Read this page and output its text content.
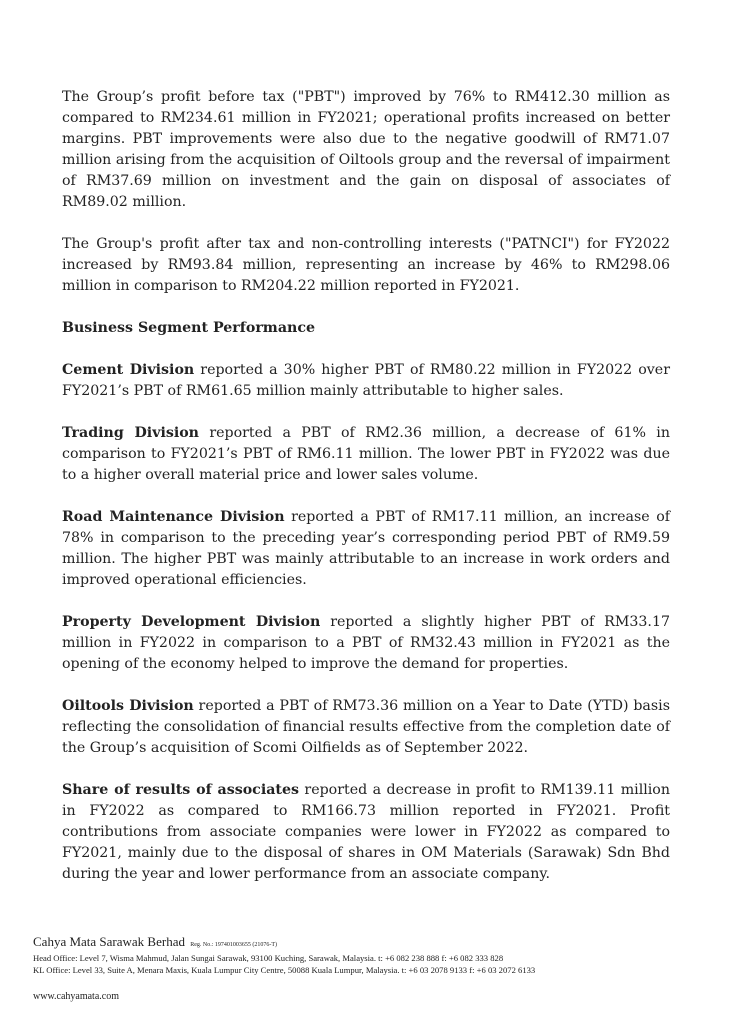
The Group’s profit before tax ("PBT") improved by 76% to RM412.30 million as compared to RM234.61 million in FY2021; operational profits increased on better margins. PBT improvements were also due to the negative goodwill of RM71.07 million arising from the acquisition of Oiltools group and the reversal of impairment of RM37.69 million on investment and the gain on disposal of associates of RM89.02 million.

The Group's profit after tax and non-controlling interests ("PATNCI") for FY2022 increased by RM93.84 million, representing an increase by 46% to RM298.06 million in comparison to RM204.22 million reported in FY2021.

Business Segment Performance

Cement Division reported a 30% higher PBT of RM80.22 million in FY2022 over FY2021’s PBT of RM61.65 million mainly attributable to higher sales.

Trading Division reported a PBT of RM2.36 million, a decrease of 61% in comparison to FY2021’s PBT of RM6.11 million. The lower PBT in FY2022 was due to a higher overall material price and lower sales volume.

Road Maintenance Division reported a PBT of RM17.11 million, an increase of 78% in comparison to the preceding year’s corresponding period PBT of RM9.59 million. The higher PBT was mainly attributable to an increase in work orders and improved operational efficiencies.

Property Development Division reported a slightly higher PBT of RM33.17 million in FY2022 in comparison to a PBT of RM32.43 million in FY2021 as the opening of the economy helped to improve the demand for properties.

Oiltools Division reported a PBT of RM73.36 million on a Year to Date (YTD) basis reflecting the consolidation of financial results effective from the completion date of the Group’s acquisition of Scomi Oilfields as of September 2022.

Share of results of associates reported a decrease in profit to RM139.11 million in FY2022 as compared to RM166.73 million reported in FY2021. Profit contributions from associate companies were lower in FY2022 as compared to FY2021, mainly due to the disposal of shares in OM Materials (Sarawak) Sdn Bhd during the year and lower performance from an associate company.

Cahya Mata Sarawak Berhad Reg. No.: 197401003655 (21076-T)
Head Office: Level 7, Wisma Mahmud, Jalan Sungai Sarawak, 93100 Kuching, Sarawak, Malaysia. t: +6 082 238 888 f: +6 082 333 828
KL Office: Level 33, Suite A, Menara Maxis, Kuala Lumpur City Centre, 50088 Kuala Lumpur, Malaysia. t: +6 03 2078 9133 f: +6 03 2072 6133
www.cahyamata.com
